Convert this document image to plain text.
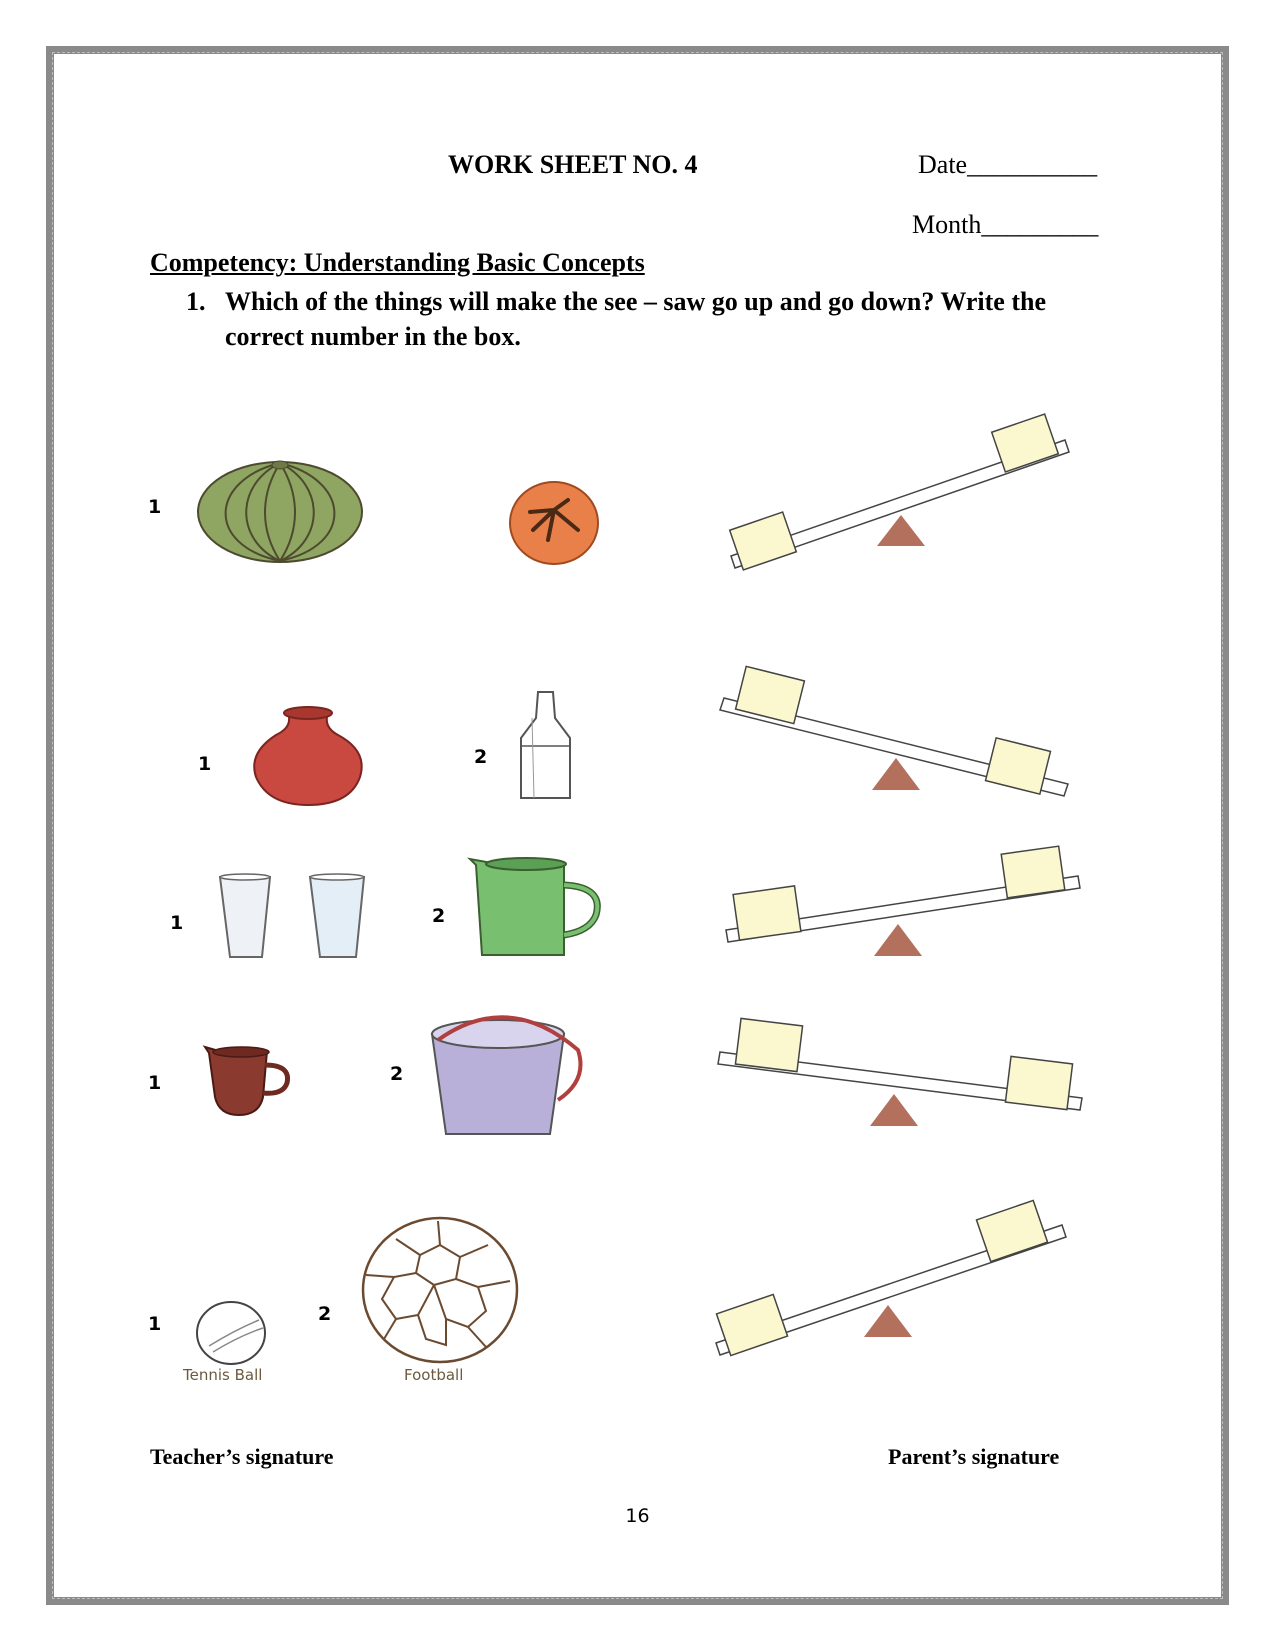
WORK SHEET NO. 4	Date__________
Month_________
Competency: Understanding Basic Concepts
1. Which of the things will make the see – saw go up and go down? Write the correct number in the box.
1
1	2
1	2
1	2
1
Tennis Ball
2
Football
Teacher’s signature	Parent’s signature
16
